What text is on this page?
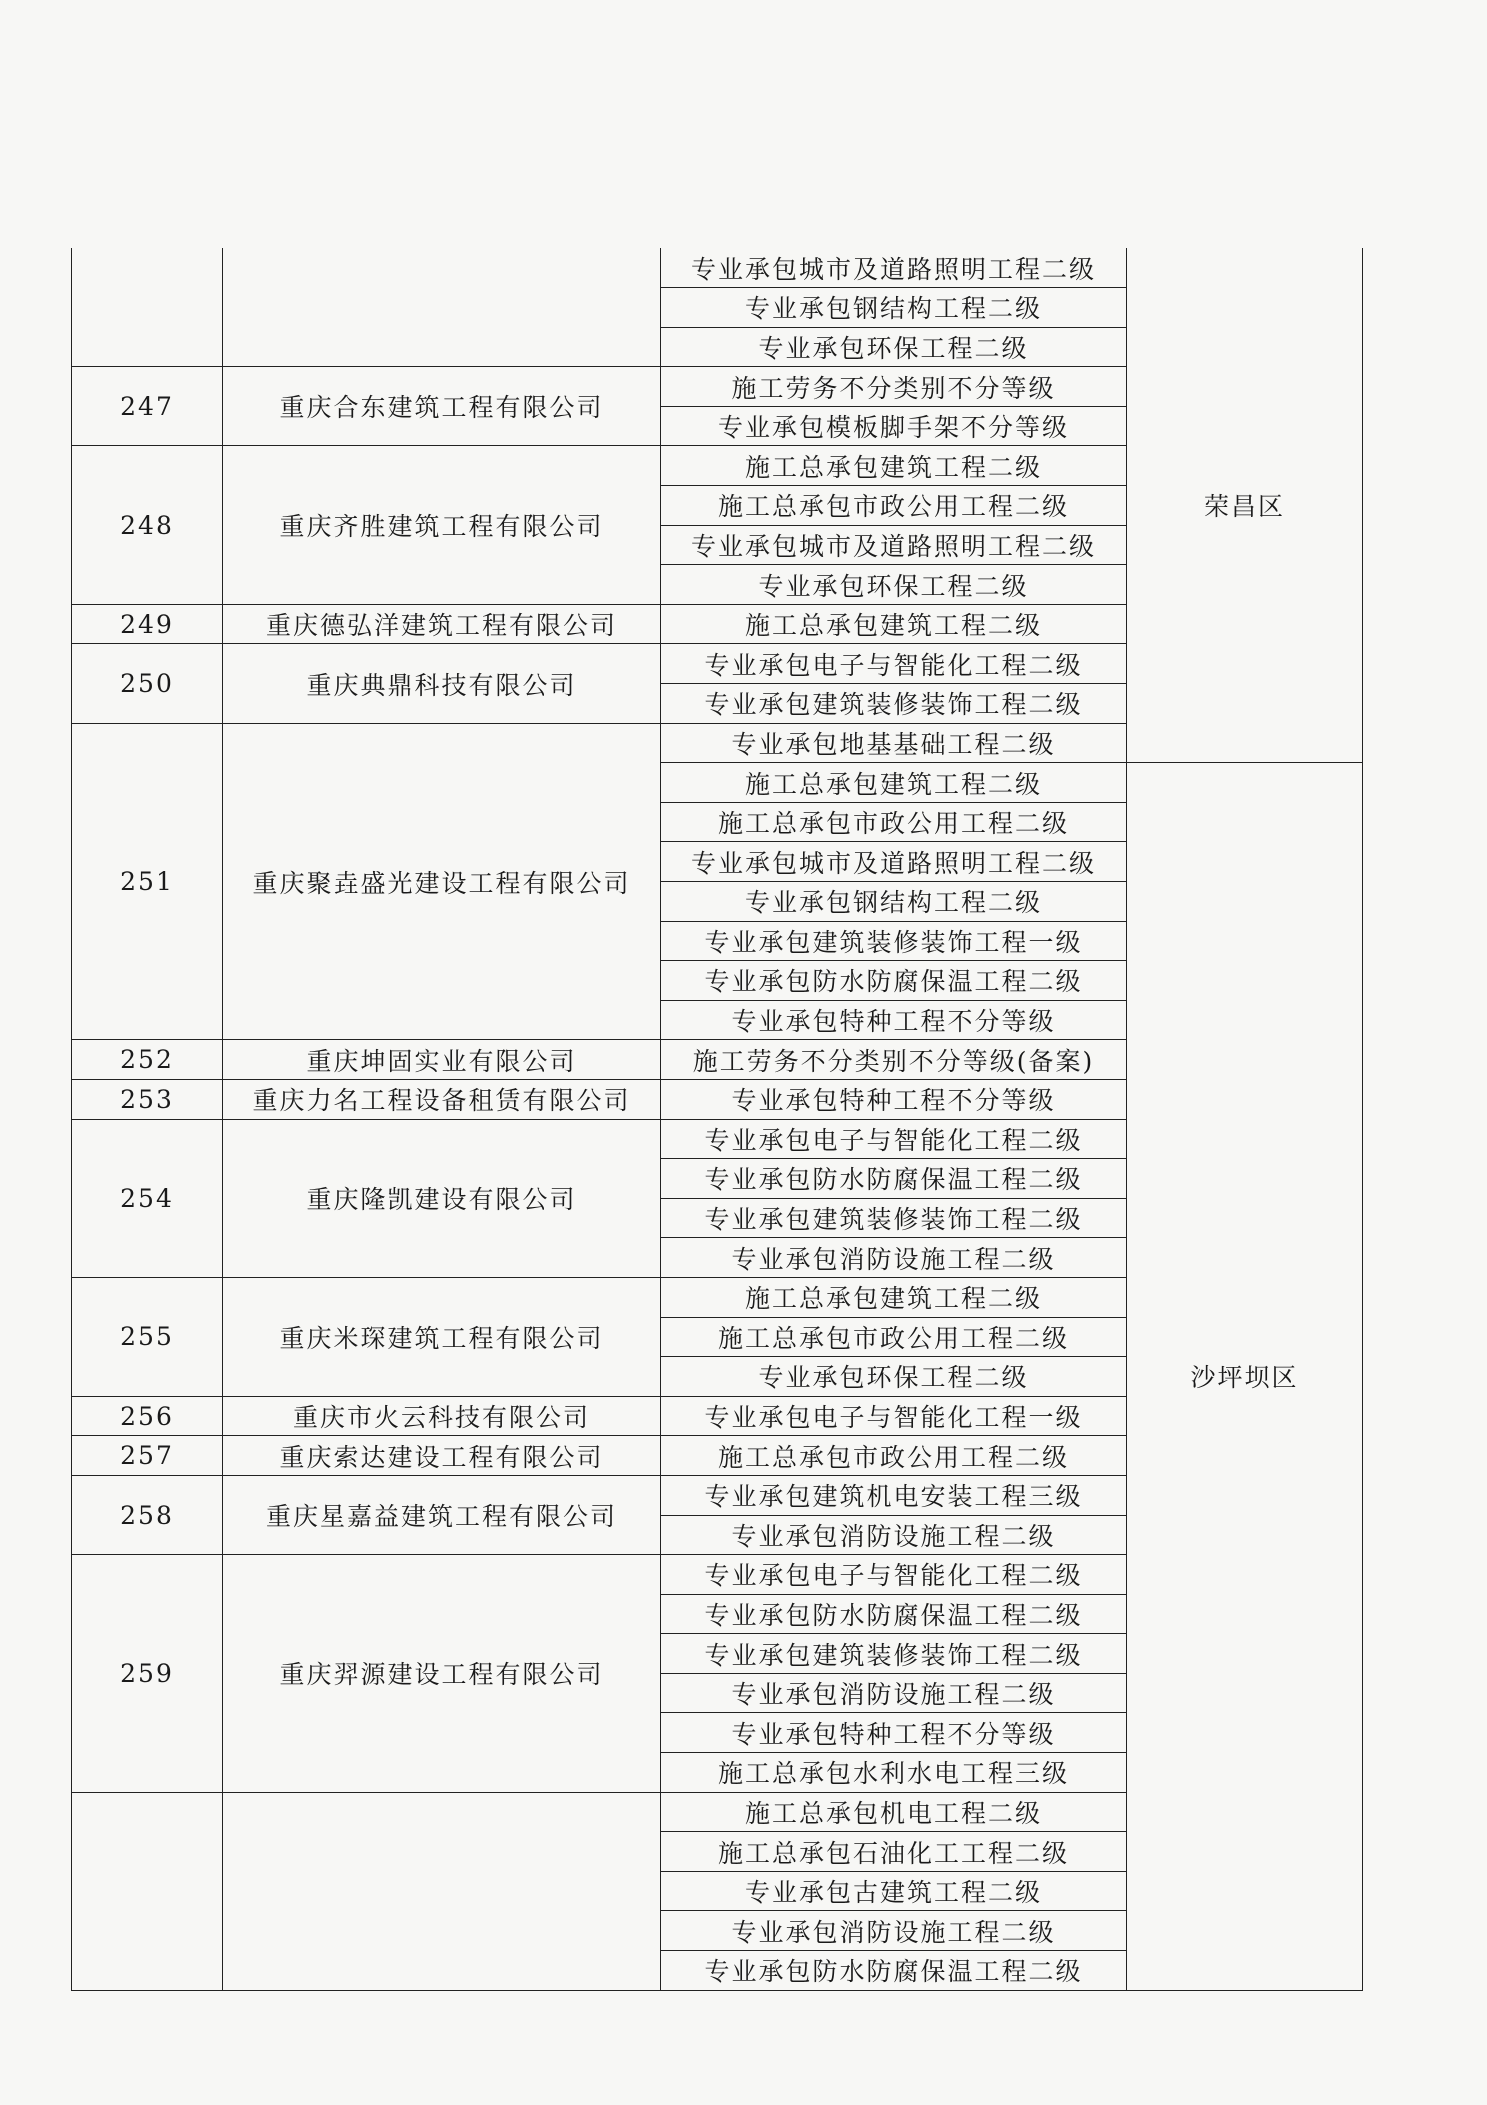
		专业承包城市及道路照明工程二级	荣昌区
		专业承包钢结构工程二级	
		专业承包环保工程二级	
247	重庆合东建筑工程有限公司	施工劳务不分类别不分等级	
		专业承包模板脚手架不分等级	
248	重庆齐胜建筑工程有限公司	施工总承包建筑工程二级	
		施工总承包市政公用工程二级	
		专业承包城市及道路照明工程二级	
		专业承包环保工程二级	
249	重庆德弘洋建筑工程有限公司	施工总承包建筑工程二级	
250	重庆典鼎科技有限公司	专业承包电子与智能化工程二级	
		专业承包建筑装修装饰工程二级	
251	重庆聚垚盛光建设工程有限公司	专业承包地基基础工程二级	
		施工总承包建筑工程二级	沙坪坝区
		施工总承包市政公用工程二级	
		专业承包城市及道路照明工程二级	
		专业承包钢结构工程二级	
		专业承包建筑装修装饰工程一级	
		专业承包防水防腐保温工程二级	
		专业承包特种工程不分等级	
252	重庆坤固实业有限公司	施工劳务不分类别不分等级(备案)	
253	重庆力名工程设备租赁有限公司	专业承包特种工程不分等级	
254	重庆隆凯建设有限公司	专业承包电子与智能化工程二级	
		专业承包防水防腐保温工程二级	
		专业承包建筑装修装饰工程二级	
		专业承包消防设施工程二级	
255	重庆米琛建筑工程有限公司	施工总承包建筑工程二级	
		施工总承包市政公用工程二级	
		专业承包环保工程二级	
256	重庆市火云科技有限公司	专业承包电子与智能化工程一级	
257	重庆索达建设工程有限公司	施工总承包市政公用工程二级	
258	重庆星嘉益建筑工程有限公司	专业承包建筑机电安装工程三级	
		专业承包消防设施工程二级	
259	重庆羿源建设工程有限公司	专业承包电子与智能化工程二级	
		专业承包防水防腐保温工程二级	
		专业承包建筑装修装饰工程二级	
		专业承包消防设施工程二级	
		专业承包特种工程不分等级	
		施工总承包水利水电工程三级	
		施工总承包机电工程二级	
		施工总承包石油化工工程二级	
		专业承包古建筑工程二级	
		专业承包消防设施工程二级	
		专业承包防水防腐保温工程二级	
